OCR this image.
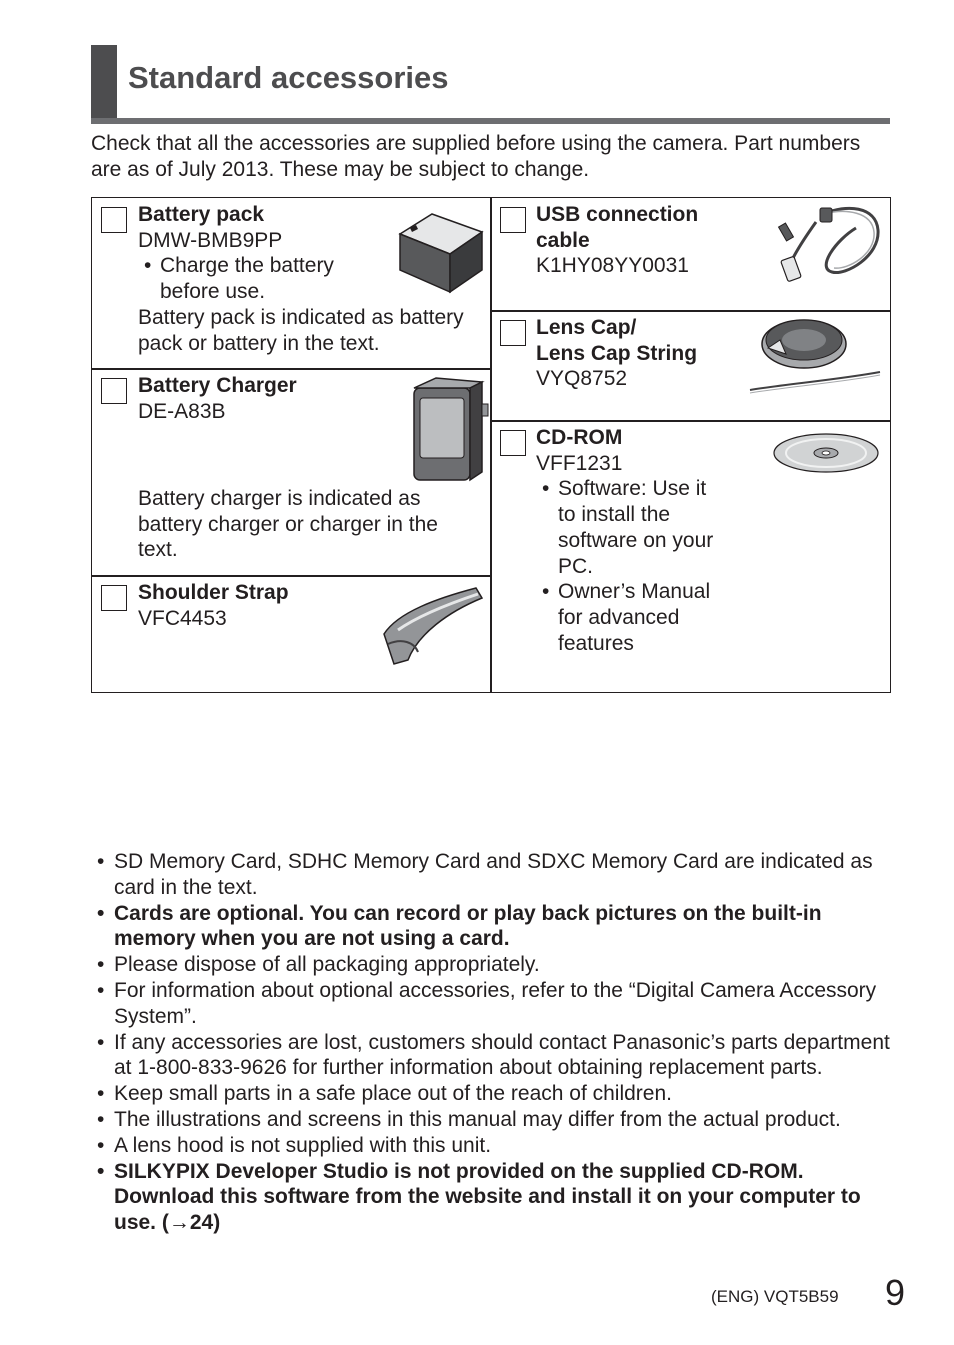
Standard accessories
Check that all the accessories are supplied before using the camera. Part numbers are as of July 2013. These may be subject to change.
Battery pack
DMW-BMB9PP
• Charge the battery before use.
Battery pack is indicated as battery pack or battery in the text.
Battery Charger
DE-A83B
Battery charger is indicated as battery charger or charger in the text.
Shoulder Strap
VFC4453
USB connection
cable
K1HY08YY0031
Lens Cap/
Lens Cap String
VYQ8752
CD-ROM
VFF1231
• Software: Use it to install the software on your PC.
• Owner’s Manual for advanced features
• SD Memory Card, SDHC Memory Card and SDXC Memory Card are indicated as card in the text.
• Cards are optional. You can record or play back pictures on the built-in memory when you are not using a card.
• Please dispose of all packaging appropriately.
• For information about optional accessories, refer to the “Digital Camera Accessory System”.
• If any accessories are lost, customers should contact Panasonic’s parts department at 1-800-833-9626 for further information about obtaining replacement parts.
• Keep small parts in a safe place out of the reach of children.
• The illustrations and screens in this manual may differ from the actual product.
• A lens hood is not supplied with this unit.
• SILKYPIX Developer Studio is not provided on the supplied CD-ROM. Download this software from the website and install it on your computer to use. (→24)
(ENG) VQT5B59 9
